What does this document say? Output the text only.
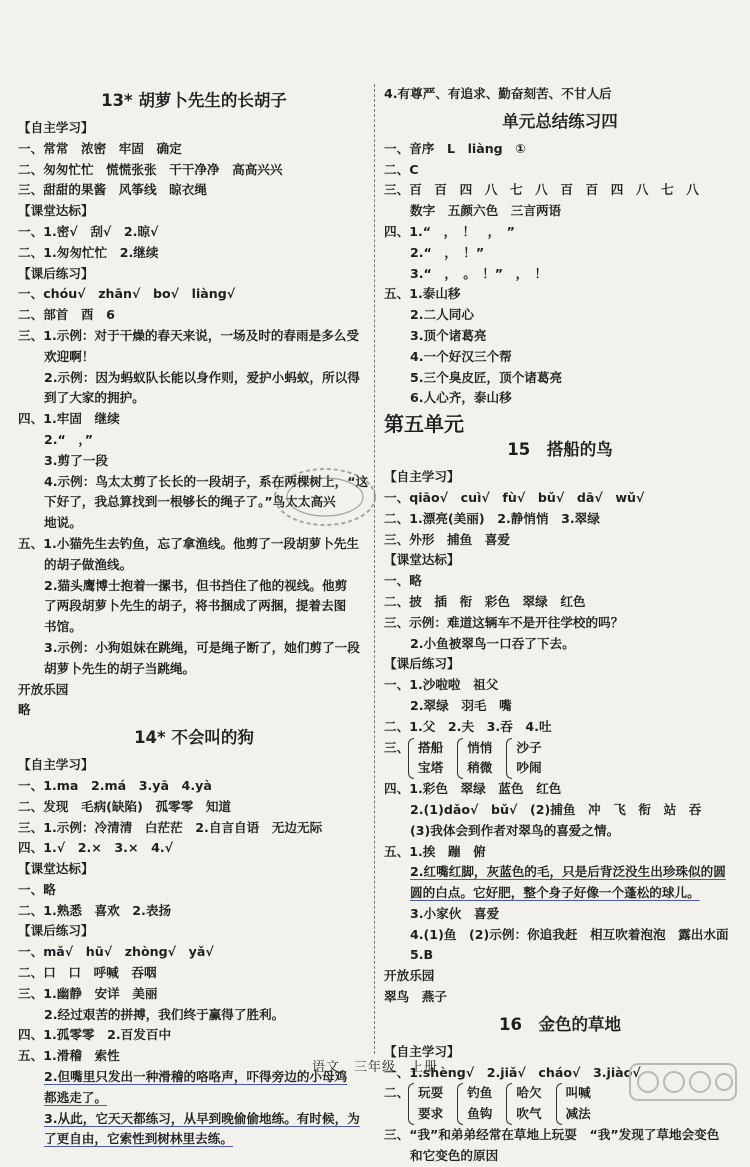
13* 胡萝卜先生的长胡子
【自主学习】
一、常常　浓密　牢固　确定
二、匆匆忙忙　慌慌张张　干干净净　高高兴兴
三、甜甜的果酱　风筝线　晾衣绳
【课堂达标】
一、1.密√　刮√　2.晾√
二、1.匆匆忙忙　2.继续
【课后练习】
一、chóu√　zhān√　bo√　liàng√
二、部首　酉　6
三、1.示例：对于干燥的春天来说，一场及时的春雨是多么受
欢迎啊！
2.示例：因为蚂蚁队长能以身作则，爱护小蚂蚁，所以得
到了大家的拥护。
四、1.牢固　继续
2.“　，”
3.剪了一段
4.示例：鸟太太剪了长长的一段胡子，系在两棵树上，“这
下好了，我总算找到一根够长的绳子了。”鸟太太高兴
地说。
五、1.小猫先生去钓鱼，忘了拿渔线。他剪了一段胡萝卜先生
的胡子做渔线。
2.猫头鹰博士抱着一摞书，但书挡住了他的视线。他剪
了两段胡萝卜先生的胡子，将书捆成了两捆，提着去图
书馆。
3.示例：小狗姐妹在跳绳，可是绳子断了，她们剪了一段
胡萝卜先生的胡子当跳绳。
开放乐园
略
14* 不会叫的狗
【自主学习】
一、1.ma　2.má　3.yā　4.yà
二、发现　毛病(缺陷)　孤零零　知道
三、1.示例：冷清清　白茫茫　2.自言自语　无边无际
四、1.√　2.×　3.×　4.√
【课堂达标】
一、略
二、1.熟悉　喜欢　2.表扬
【课后练习】
一、mǎ√　hū√　zhòng√　yǎ√
二、口　口　呼喊　吞咽
三、1.幽静　安详　美丽
2.经过艰苦的拼搏，我们终于赢得了胜利。
四、1.孤零零　2.百发百中
五、1.滑稽　索性
2.但嘴里只发出一种滑稽的咯咯声，吓得旁边的小母鸡
都逃走了。
3.从此，它天天都练习，从早到晚偷偷地练。有时候，为
了更自由，它索性到树林里去练。
4.有尊严、有追求、勤奋刻苦、不甘人后
单元总结练习四
一、音序　L　liàng　①
二、C
三、百　百　四　八　七　八　百　百　四　八　七　八
数字　五颜六色　三言两语
四、1.“　，　！　，　”
2.“　，　！”
3.“　，　。　！”　，　！
五、1.泰山移
2.二人同心
3.顶个诸葛亮
4.一个好汉三个帮
5.三个臭皮匠，顶个诸葛亮
6.人心齐，泰山移
第五单元
15　搭船的鸟
【自主学习】
一、qiāo√　cuì√　fù√　bǔ√　dā√　wǔ√
二、1.漂亮(美丽)　2.静悄悄　3.翠绿
三、外形　捕鱼　喜爱
【课堂达标】
一、略
二、披　插　衔　彩色　翠绿　红色
三、示例：难道这辆车不是开往学校的吗？
2.小鱼被翠鸟一口吞了下去。
【课后练习】
一、1.沙啦啦　祖父
2.翠绿　羽毛　嘴
二、1.父　2.夫　3.吞　4.吐
三、 搭船
宝塔
悄悄
稍微
沙子
吵闹
四、1.彩色　翠绿　蓝色　红色
2.(1)dǎo√　bǔ√　(2)捕鱼　冲　飞　衔　站　吞
(3)我体会到作者对翠鸟的喜爱之情。
五、1.挨　蹦　俯
2.红嘴红脚，灰蓝色的毛，只是后背泛没生出珍珠似的圆
圆的白点。它好肥，整个身子好像一个蓬松的球儿。
3.小家伙　喜爱
4.(1)鱼　(2)示例：你追我赶　相互吹着泡泡　露出水面
5.B
开放乐园
翠鸟　燕子
16　金色的草地
【自主学习】
一、1.shèng√　2.jiǎ√　cháo√　3.jiào√
二、 玩耍
要求
钓鱼
鱼钩
哈欠
吹气
叫喊
减法
三、“我”和弟弟经常在草地上玩耍　“我”发现了草地会变色
和它变色的原因
语文　三年级　上册
